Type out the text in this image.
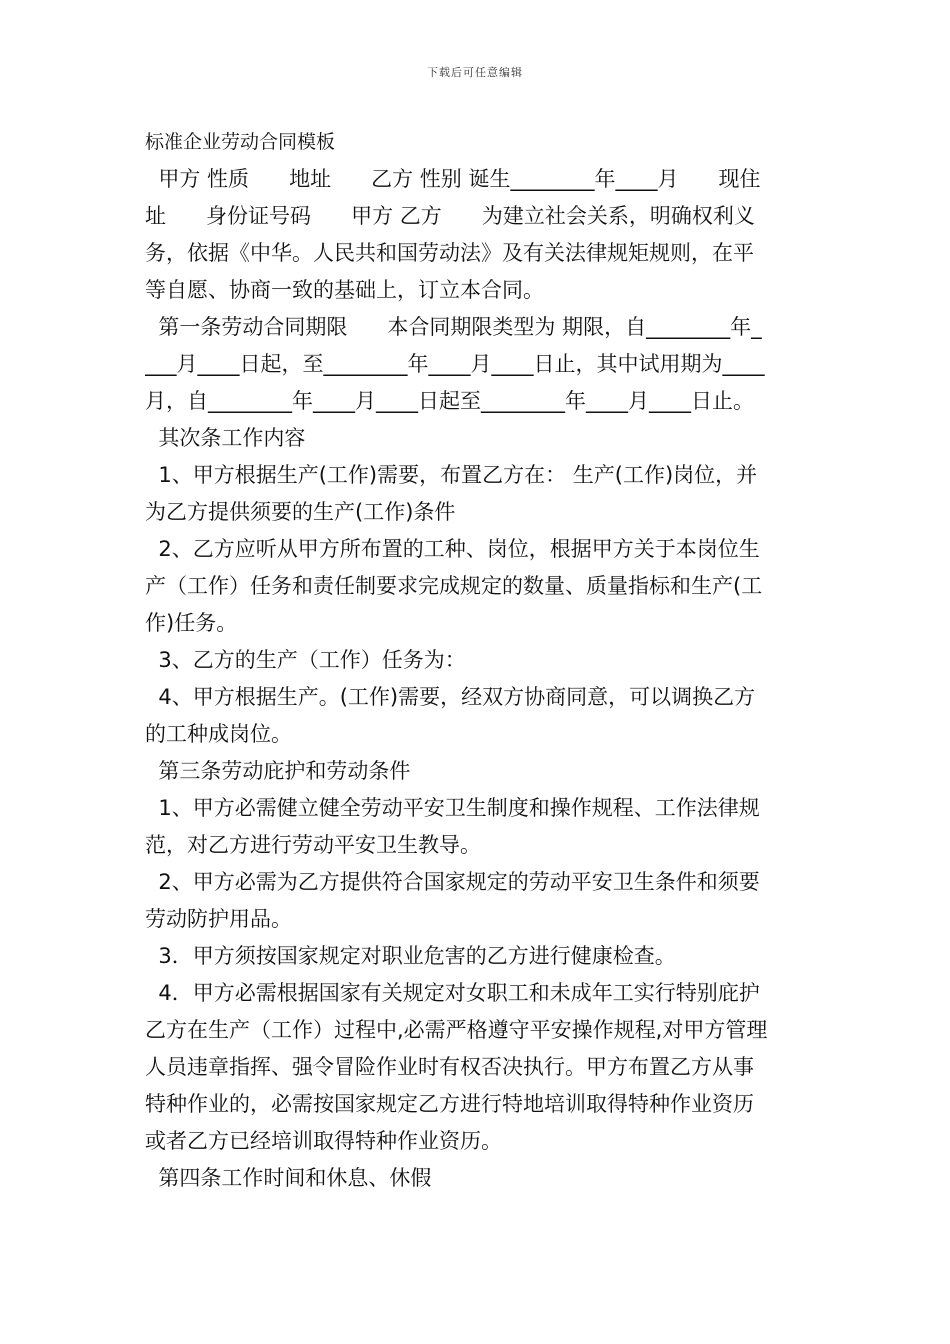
下载后可任意编辑
标准企业劳动合同模板
甲方 性质      地址      乙方 性别 诞生________年____月      现住
址      身份证号码      甲方 乙方      为建立社会关系，明确权利义
务，依据《中华。人民共和国劳动法》及有关法律规矩规则，在平
等自愿、协商一致的基础上，订立本合同。
第一条劳动合同期限      本合同期限类型为 期限，自________年_
___月____日起，至________年____月____日止，其中试用期为____
月，自________年____月____日起至________年____月____日止。
其次条工作内容
1、甲方根据生产(工作)需要，布置乙方在： 生产(工作)岗位，并
为乙方提供须要的生产(工作)条件
2、乙方应听从甲方所布置的工种、岗位，根据甲方关于本岗位生
产（工作）任务和责任制要求完成规定的数量、质量指标和生产(工
作)任务。
3、乙方的生产（工作）任务为：
4、甲方根据生产。(工作)需要，经双方协商同意，可以调换乙方
的工种成岗位。
第三条劳动庇护和劳动条件
1、甲方必需健立健全劳动平安卫生制度和操作规程、工作法律规
范，对乙方进行劳动平安卫生教导。
2、甲方必需为乙方提供符合国家规定的劳动平安卫生条件和须要
劳动防护用品。
3．甲方须按国家规定对职业危害的乙方进行健康检查。
4．甲方必需根据国家有关规定对女职工和未成年工实行特别庇护
乙方在生产（工作）过程中,必需严格遵守平安操作规程,对甲方管理
人员违章指挥、强令冒险作业时有权否决执行。甲方布置乙方从事
特种作业的，必需按国家规定乙方进行特地培训取得特种作业资历
或者乙方已经培训取得特种作业资历。
第四条工作时间和休息、休假
